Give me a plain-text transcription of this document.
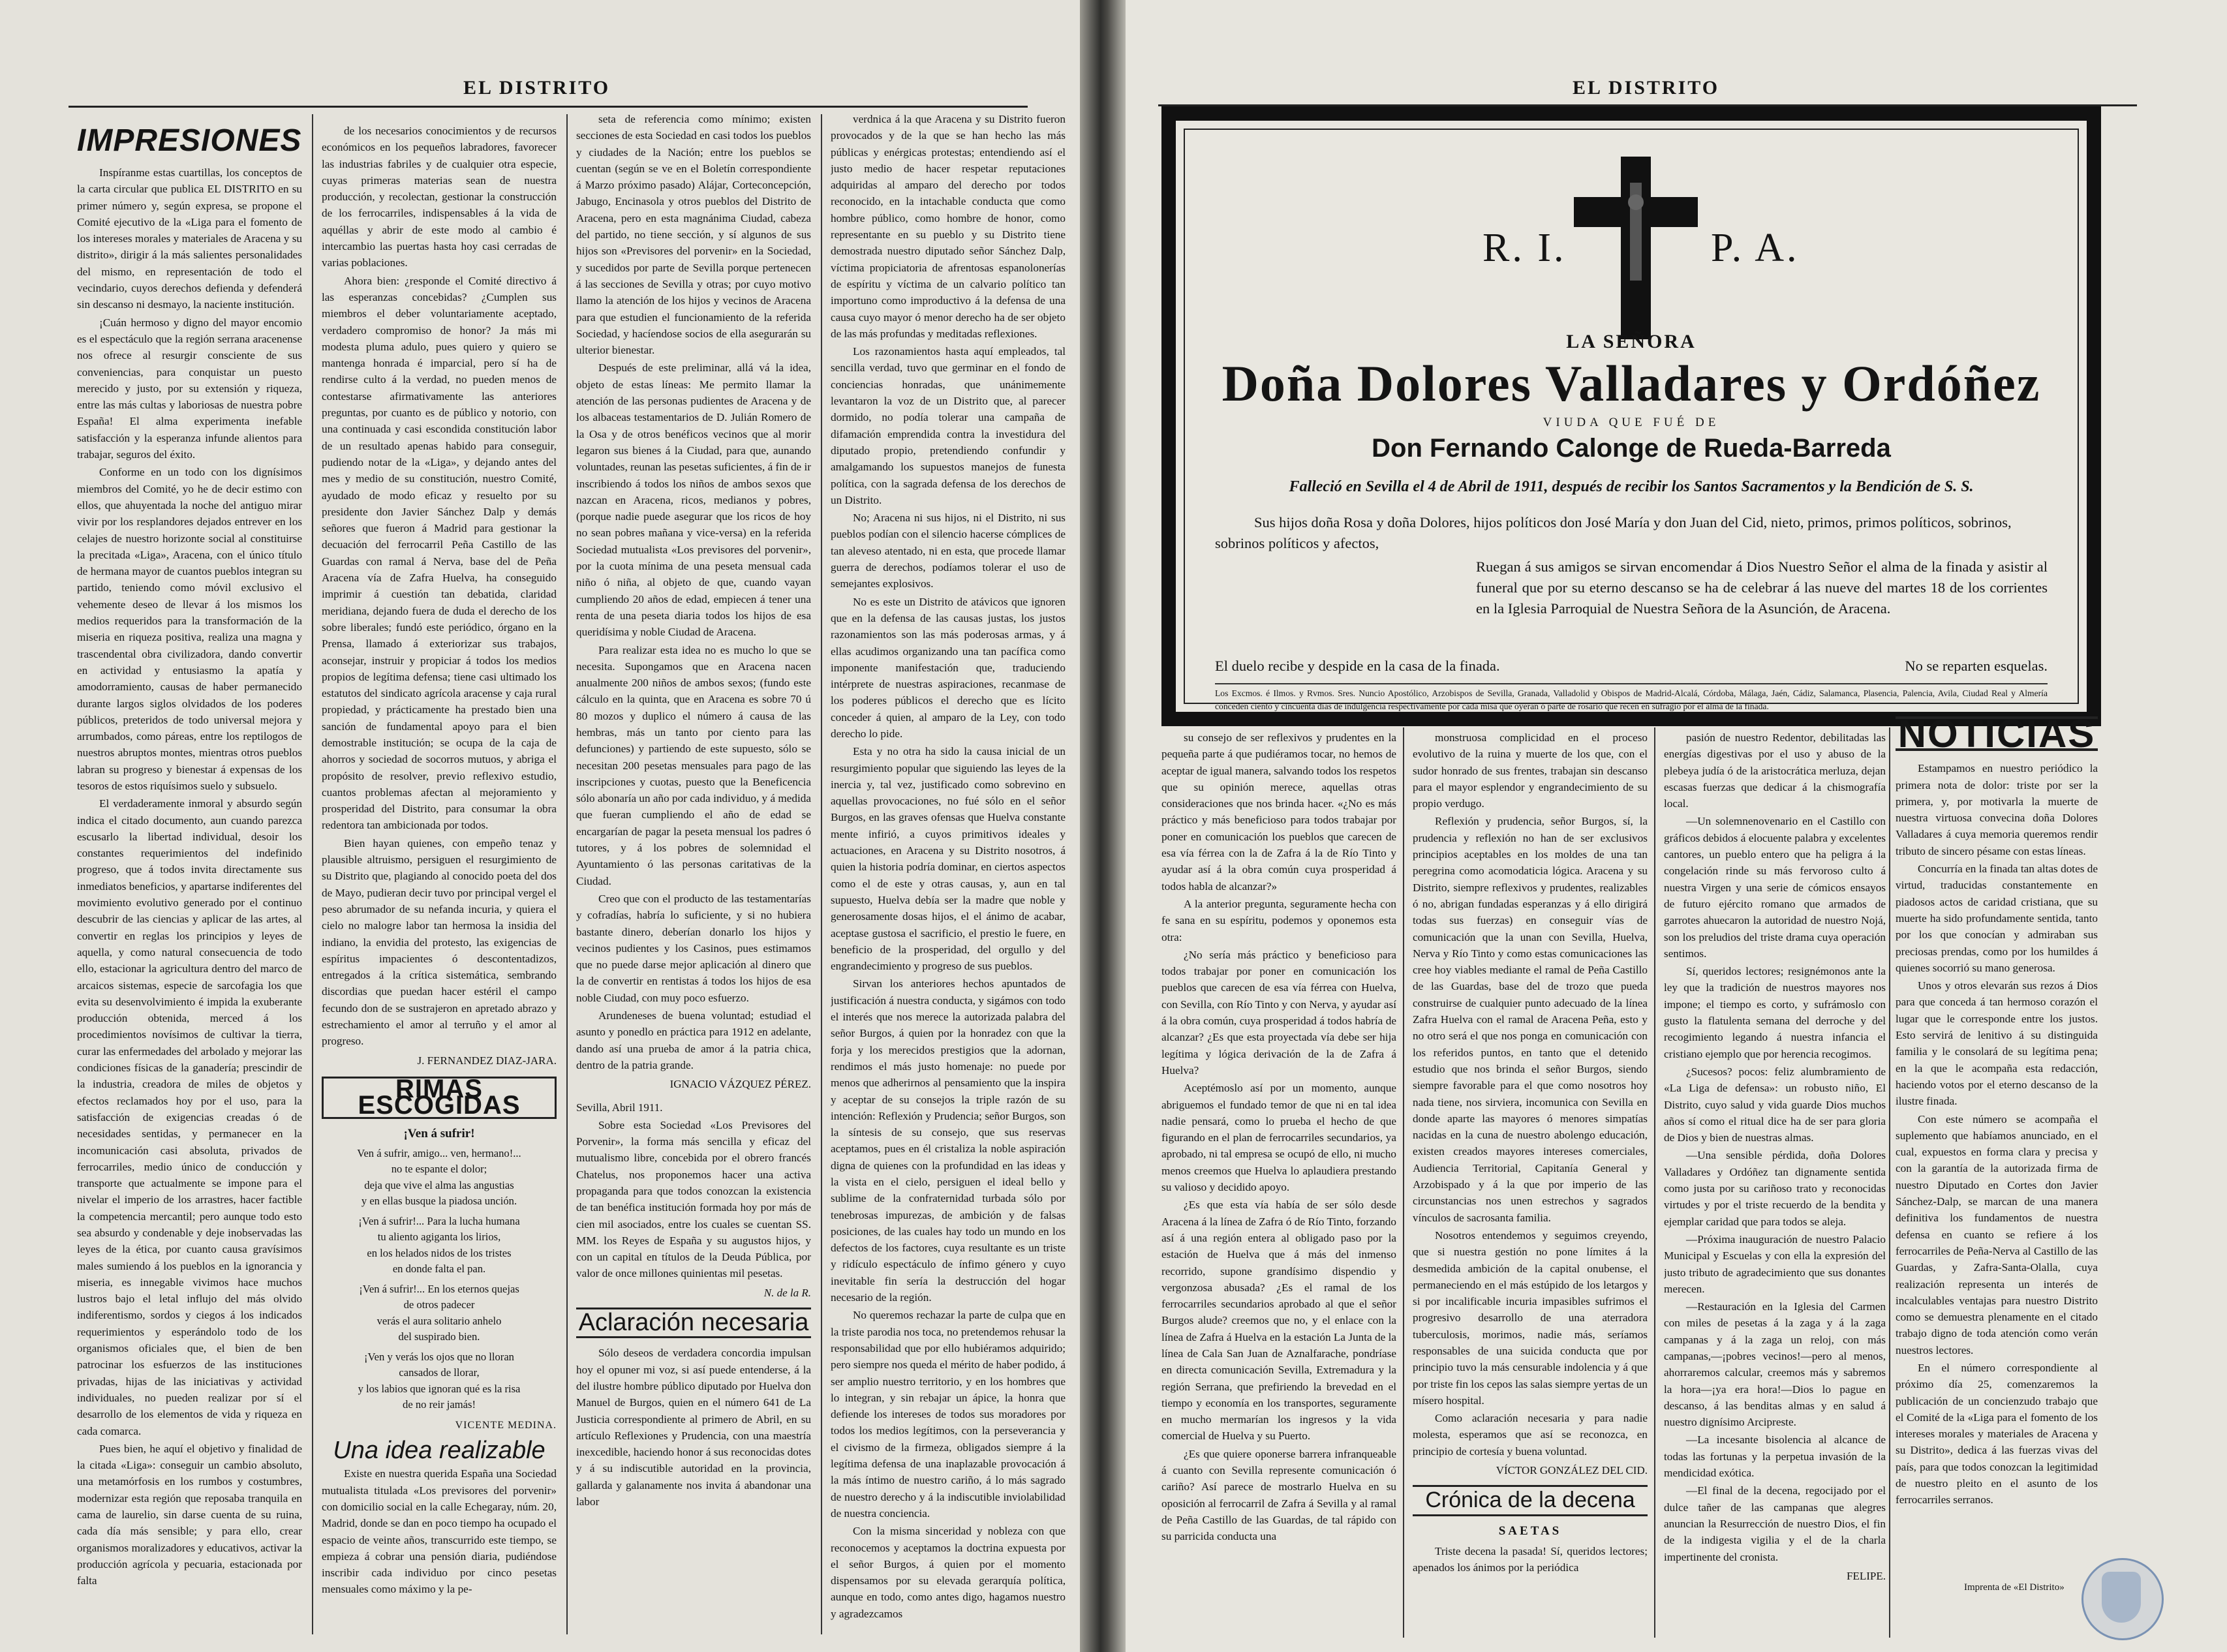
EL DISTRITO
IMPRESIONES

Inspíranme estas cuartillas, los conceptos de la carta circular que publica EL DISTRITO en su primer número y, según expresa, se propone el Comité ejecutivo de la «Liga para el fomento de los intereses morales y materiales de Aracena y su distrito», dirigir á la más salientes personalidades del mismo, en representación de todo el vecindario, cuyos derechos defienda y defenderá sin descanso ni desmayo, la naciente institución.

¡Cuán hermoso y digno del mayor encomio es el espectáculo que la región serrana aracenense nos ofrece al resurgir consciente de sus conveniencias, para conquistar un puesto merecido y justo, por su extensión y riqueza, entre las más cultas y laboriosas de nuestra pobre España! El alma experimenta inefable satisfacción y la esperanza infunde alientos para trabajar, seguros del éxito.

Conforme en un todo con los dignísimos miembros del Comité, yo he de decir estimo con ellos, que ahuyentada la noche del antiguo mirar vivir por los resplandores dejados entrever en los celajes de nuestro horizonte social al constituirse la precitada «Liga», Aracena, con el único título de hermana mayor de cuantos pueblos integran su partido, teniendo como móvil exclusivo el vehemente deseo de llevar á los mismos los medios requeridos para la transformación de la miseria en riqueza positiva, realiza una magna y trascendental obra civilizadora, dando convertir en actividad y entusiasmo la apatía y amodorramiento, causas de haber permanecido durante largos siglos olvidados de los poderes públicos, preteridos de todo universal mejora y arrumbados, como páreas, entre los reptilogos de nuestros abruptos montes, mientras otros pueblos labran su progreso y bienestar á expensas de los tesoros de estos riquísimos suelo y subsuelo.

El verdaderamente inmoral y absurdo según indica el citado documento, aun cuando parezca escusarlo la libertad individual, desoir los constantes requerimientos del indefinido progreso, que á todos invita directamente sus inmediatos beneficios, y apartarse indiferentes del movimiento evolutivo generado por el continuo descubrir de las ciencias y aplicar de las artes, al convertir en reglas los principios y leyes de aquella, y como natural consecuencia de todo ello, estacionar la agricultura dentro del marco de arcaicos sistemas, especie de sarcofagia los que evita su desenvolvimiento é impida la exuberante producción obtenida, merced á los procedimientos novísimos de cultivar la tierra, curar las enfermedades del arbolado y mejorar las condiciones físicas de la ganadería; prescindir de la industria, creadora de miles de objetos y efectos reclamados hoy por el uso, para la satisfacción de exigencias creadas ó de necesidades sentidas, y permanecer en la incomunicación casi absoluta, privados de ferrocarriles, medio único de conducción y transporte que actualmente se impone para el nivelar el imperio de los arrastres, hacer factible la competencia mercantil; pero aunque todo esto sea absurdo y condenable y deje inobservadas las leyes de la ética, por cuanto causa gravísimos males sumiendo á los pueblos en la ignorancia y miseria, es innegable vivimos hace muchos lustros bajo el letal influjo del más olvido indiferentismo, sordos y ciegos á los indicados requerimientos y esperándolo todo de los organismos oficiales que, el bien de ben patrocinar los esfuerzos de las instituciones privadas, hijas de las iniciativas y actividad individuales, no pueden realizar por sí el desarrollo de los elementos de vida y riqueza en cada comarca.

Pues bien, he aquí el objetivo y finalidad de la citada «Liga»: conseguir un cambio absoluto, una metamórfosis en los rumbos y costumbres, modernizar esta región que reposaba tranquila en cama de laurelio, sin darse cuenta de su ruina, cada día más sensible; y para ello, crear organismos moralizadores y educativos, activar la producción agrícola y pecuaria, estacionada por falta

de los necesarios conocimientos y de recursos económicos en los pequeños labradores, favorecer las industrias fabriles y de cualquier otra especie, cuyas primeras materias sean de nuestra producción, y recolectan, gestionar la construcción de los ferrocarriles, indispensables á la vida de aquéllas y abrir de este modo al cambio é intercambio las puertas hasta hoy casi cerradas de varias poblaciones.

Ahora bien: ¿responde el Comité directivo á las esperanzas concebidas? ¿Cumplen sus miembros el deber voluntariamente aceptado, verdadero compromiso de honor? Ja más mi modesta pluma adulo, pues quiero y quiero se mantenga honrada é imparcial, pero sí ha de rendirse culto á la verdad, no pueden menos de contestarse afirmativamente las anteriores preguntas, por cuanto es de público y notorio, con una continuada y casi escondida constitución labor de un resultado apenas habido para conseguir, pudiendo notar de la «Liga», y dejando antes del mes y medio de su constitución, nuestro Comité, ayudado de modo eficaz y resuelto por su presidente don Javier Sánchez Dalp y demás señores que fueron á Madrid para gestionar la decuación del ferrocarril Peña Castillo de las Guardas con ramal á Nerva, base del de Peña Aracena vía de Zafra Huelva, ha conseguido imprimir á cuestión tan debatida, claridad meridiana, dejando fuera de duda el derecho de los sobre liberales; fundó este periódico, órgano en la Prensa, llamado á exteriorizar sus trabajos, aconsejar, instruir y propiciar á todos los medios propios de legítima defensa; tiene casi ultimado los estatutos del sindicato agrícola aracense y caja rural propiedad, y prácticamente ha prestado bien una sanción de fundamental apoyo para el bien demostrable institución; se ocupa de la caja de ahorros y sociedad de socorros mutuos, y abriga el propósito de resolver, previo reflexivo estudio, cuantos problemas afectan al mejoramiento y prosperidad del Distrito, para consumar la obra redentora tan ambicionada por todos.

Bien hayan quienes, con empeño tenaz y plausible altruismo, persiguen el resurgimiento de su Distrito que, plagiando al conocido poeta del dos de Mayo, pudieran decir tuvo por principal vergel el peso abrumador de su nefanda incuria, y quiera el cielo no malogre labor tan hermosa la insidia del indiano, la envidia del protesto, las exigencias de espíritus impacientes ó descontentadizos, entregados á la crítica sistemática, sembrando discordias que puedan hacer estéril el campo fecundo don de se sustrajeron en apretado abrazo y estrechamiento el amor al terruño y el amor al progreso.

J. FERNANDEZ DIAZ-JARA.
RIMAS ESCOGIDAS
¡Ven á sufrir!
Ven á sufrir, amigo... ven, hermano!...
no te espante el dolor;
deja que vive el alma las angustias
y en ellas busque la piadosa unción.
¡Ven á sufrir!... Para la lucha humana
tu aliento agiganta los lirios,
en los helados nidos de los tristes
en donde falta el pan.
¡Ven á sufrir!... En los eternos quejas
de otros padecer
verás el aura solitario anhelo
del suspirado bien.
¡Ven y verás los ojos que no lloran
cansados de llorar,
y los labios que ignoran qué es la risa
de no reir jamás!
VICENTE MEDINA.
Una idea realizable

Existe en nuestra querida España una Sociedad mutualista titulada «Los previsores del porvenir» con domicilio social en la calle Echegaray, núm. 20, Madrid, donde se dan en poco tiempo ha ocupado el espacio de veinte años, transcurrido este tiempo, se empieza á cobrar una pensión diaria, pudiéndose inscribir cada individuo por cinco pesetas mensuales como máximo y la pe-

seta de referencia como mínimo; existen secciones de esta Sociedad en casi todos los pueblos y ciudades de la Nación; entre los pueblos se cuentan (según se ve en el Boletín correspondiente á Marzo próximo pasado) Alájar, Corteconcepción, Jabugo, Encinasola y otros pueblos del Distrito de Aracena, pero en esta magnánima Ciudad, cabeza del partido, no tiene sección, y sí algunos de sus hijos son «Previsores del porvenir» en la Sociedad, y sucedidos por parte de Sevilla porque pertenecen á las secciones de Sevilla y otras; por cuyo motivo llamo la atención de los hijos y vecinos de Aracena para que estudien el funcionamiento de la referida Sociedad, y hacíendose socios de ella asegurarán su ulterior bienestar.

Después de este preliminar, allá vá la idea, objeto de estas líneas: Me permito llamar la atención de las personas pudientes de Aracena y de los albaceas testamentarios de D. Julián Romero de la Osa y de otros benéficos vecinos que al morir legaron sus bienes á la Ciudad, para que, aunando voluntades, reunan las pesetas suficientes, á fin de ir inscribiendo á todos los niños de ambos sexos que nazcan en Aracena, ricos, medianos y pobres, (porque nadie puede asegurar que los ricos de hoy no sean pobres mañana y vice-versa) en la referida Sociedad mutualista «Los previsores del porvenir», por la cuota mínima de una peseta mensual cada niño ó niña, al objeto de que, cuando vayan cumpliendo 20 años de edad, empiecen á tener una renta de una peseta diaria todos los hijos de esa queridísima y noble Ciudad de Aracena.

Para realizar esta idea no es mucho lo que se necesita. Supongamos que en Aracena nacen anualmente 200 niños de ambos sexos; (fundo este cálculo en la quinta, que en Aracena es sobre 70 ú 80 mozos y duplico el número á causa de las hembras, más un tanto por ciento para las defunciones) y partiendo de este supuesto, sólo se necesitan 200 pesetas mensuales para pago de las inscripciones y cuotas, puesto que la Beneficencia sólo abonaría un año por cada individuo, y á medida que fueran cumpliendo el año de edad se encargarían de pagar la peseta mensual los padres ó tutores, y á los pobres de solemnidad el Ayuntamiento ó las personas caritativas de la Ciudad.

Creo que con el producto de las testamentarías y cofradías, habría lo suficiente, y si no hubiera bastante dinero, deberían donarlo los hijos y vecinos pudientes y los Casinos, pues estimamos que no puede darse mejor aplicación al dinero que la de convertir en rentistas á todos los hijos de esa noble Ciudad, con muy poco esfuerzo.

Arundeneses de buena voluntad; estudiad el asunto y ponedlo en práctica para 1912 en adelante, dando así una prueba de amor á la patria chica, dentro de la patria grande.

IGNACIO VÁZQUEZ PÉREZ.
Sevilla, Abril 1911.

Sobre esta Sociedad «Los Previsores del Porvenir», la forma más sencilla y eficaz del mutualismo libre, concebida por el obrero francés Chatelus, nos proponemos hacer una activa propaganda para que todos conozcan la existencia de tan benéfica institución formada hoy por más de cien mil asociados, entre los cuales se cuentan SS. MM. los Reyes de España y su augustos hijos, y con un capital en títulos de la Deuda Pública, por valor de once millones quinientas mil pesetas.

N. de la R.
Aclaración necesaria

Sólo deseos de verdadera concordia impulsan hoy el opuner mi voz, si así puede entenderse, á la del ilustre hombre público diputado por Huelva don Manuel de Burgos, quien en el número 641 de La Justicia correspondiente al primero de Abril, en su artículo Reflexiones y Prudencia, con una maestría inexcedible, haciendo honor á sus reconocidas dotes y á su indiscutible autoridad en la provincia, gallarda y galanamente nos invita á abandonar una labor

verdnica á la que Aracena y su Distrito fueron provocados y de la que se han hecho las más públicas y enérgicas protestas; entendiendo así el justo medio de hacer respetar reputaciones adquiridas al amparo del derecho por todos reconocido, en la intachable conducta que como hombre público, como hombre de honor, como representante en su pueblo y su Distrito tiene demostrada nuestro diputado señor Sánchez Dalp, víctima propiciatoria de afrentosas espanolonerías de espíritu y víctima de un calvario político tan importuno como improductivo á la defensa de una causa cuyo mayor ó menor derecho ha de ser objeto de las más profundas y meditadas reflexiones.

Los razonamientos hasta aquí empleados, tal sencilla verdad, tuvo que germinar en el fondo de conciencias honradas, que unánimemente levantaron la voz de un Distrito que, al parecer dormido, no podía tolerar una campaña de difamación emprendida contra la investidura del diputado propio, pretendiendo confundir y amalgamando los supuestos manejos de funesta política, con la sagrada defensa de los derechos de un Distrito.

No; Aracena ni sus hijos, ni el Distrito, ni sus pueblos podían con el silencio hacerse cómplices de tan aleveso atentado, ni en esta, que procede llamar guerra de derechos, podíamos tolerar el uso de semejantes explosivos.

No es este un Distrito de atávicos que ignoren que en la defensa de las causas justas, los justos razonamientos son las más poderosas armas, y á ellas acudimos organizando una tan pacífica como imponente manifestación que, traduciendo intérprete de nuestras aspiraciones, recanmase de los poderes públicos el derecho que es lícito conceder á quien, al amparo de la Ley, con todo derecho lo pide.

Esta y no otra ha sido la causa inicial de un resurgimiento popular que siguiendo las leyes de la inercia y, tal vez, justificado como sobrevino en aquellas provocaciones, no fué sólo en el señor Burgos, en las graves ofensas que Huelva constante mente infirió, a cuyos primitivos ideales y actuaciones, en Aracena y su Distrito nosotros, á quien la historia podría dominar, en ciertos aspectos como el de este y otras causas, y, aun en tal supuesto, Huelva debía ser la madre que noble y generosamente dosas hijos, el el ánimo de acabar, aceptase gustosa el sacrificio, el prestio le fuere, en beneficio de la prosperidad, del orgullo y del engrandecimiento y progreso de sus pueblos.

Sirvan los anteriores hechos apuntados de justificación á nuestra conducta, y sigámos con todo el interés que nos merece la autorizada palabra del señor Burgos, á quien por la honradez con que la forja y los merecidos prestigios que la adornan, rendimos el más justo homenaje: no puede por menos que adherirnos al pensamiento que la inspira y aceptar de su consejos la triple razón de su intención: Reflexión y Prudencia; señor Burgos, son la síntesis de su consejo, que sus reservas aceptamos, pues en él cristaliza la noble aspiración digna de quienes con la profundidad en las ideas y la vista en el cielo, persiguen el ideal bello y sublime de la confraternidad turbada sólo por tenebrosas impurezas, de ambición y de falsas posiciones, de las cuales hay todo un mundo en los defectos de los factores, cuya resultante es un triste y ridículo espectáculo de ínfimo género y cuyo inevitable fin sería la destrucción del hogar necesario de la región.

No queremos rechazar la parte de culpa que en la triste parodia nos toca, no pretendemos rehusar la responsabilidad que por ello hubiéramos adquirido; pero siempre nos queda el mérito de haber podido, á ser amplio nuestro territorio, y en los hombres que lo integran, y sin rebajar un ápice, la honra que defiende los intereses de todos sus moradores por todos los medios legítimos, con la perseverancia y el civismo de la firmeza, obligados siempre á la legítima defensa de una inaplazable provocación á la más íntimo de nuestro cariño, á lo más sagrado de nuestro derecho y á la indiscutible inviolabilidad de nuestra conciencia.

Con la misma sinceridad y nobleza con que reconocemos y aceptamos la doctrina expuesta por el señor Burgos, á quien por el momento dispensamos por su elevada gerarquía política, aunque en todo, como antes digo, hagamos nuestro y agradezcamos

EL DISTRITO
R. I.	P. A.
LA SEÑORA
Doña Dolores Valladares y Ordóñez
VIUDA QUE FUÉ DE
Don Fernando Calonge de Rueda-Barreda
Falleció en Sevilla el 4 de Abril de 1911, después de recibir los Santos Sacramentos y la Bendición de S. S.
Sus hijos doña Rosa y doña Dolores, hijos políticos don José María y don Juan del Cid, nieto, primos, primos políticos, sobrinos, sobrinos políticos y afectos,
Ruegan á sus amigos se sirvan encomendar á Dios Nuestro Señor el alma de la finada y asistir al funeral que por su eterno descanso se ha de celebrar á las nueve del martes 18 de los corrientes en la Iglesia Parroquial de Nuestra Señora de la Asunción, de Aracena.
El duelo recibe y despide en la casa de la finada.	No se reparten esquelas.
Los Excmos. é Ilmos. y Rvmos. Sres. Nuncio Apostólico, Arzobispos de Sevilla, Granada, Valladolid y Obispos de Madrid-Alcalá, Córdoba, Málaga, Jaén, Cádiz, Salamanca, Plasencia, Palencia, Avila, Ciudad Real y Almería conceden ciento y cincuenta días de indulgencia respectivamente por cada misa que oyeran ó parte de rosario que recen en sufragio por el alma de la finada.

su consejo de ser reflexivos y prudentes en la pequeña parte á que pudiéramos tocar, no hemos de aceptar de igual manera, salvando todos los respetos que su opinión merece, aquellas otras consideraciones que nos brinda hacer. «¿No es más práctico y más beneficioso para todos trabajar por poner en comunicación los pueblos que carecen de esa vía férrea con la de Zafra á la de Río Tinto y ayudar así á la obra común cuya prosperidad á todos habla de alcanzar?»

A la anterior pregunta, seguramente hecha con fe sana en su espíritu, podemos y oponemos esta otra:

¿No sería más práctico y beneficioso para todos trabajar por poner en comunicación los pueblos que carecen de esa vía férrea con Huelva, con Sevilla, con Río Tinto y con Nerva, y ayudar así á la obra común, cuya prosperidad á todos habría de alcanzar? ¿Es que esta proyectada vía debe ser hija legítima y lógica derivación de la de Zafra á Huelva?

Aceptémoslo así por un momento, aunque abriguemos el fundado temor de que ni en tal idea nadie pensará, como lo prueba el hecho de que figurando en el plan de ferrocarriles secundarios, ya aprobado, ni tal empresa se ocupó de ello, ni mucho menos creemos que Huelva lo aplaudiera prestando su valioso y decidido apoyo.

¿Es que esta vía había de ser sólo desde Aracena á la línea de Zafra ó de Río Tinto, forzando así á una región entera al obligado paso por la estación de Huelva que á más del inmenso recorrido, supone grandísimo dispendio y vergonzosa abusada? ¿Es el ramal de los ferrocarriles secundarios aprobado al que el señor Burgos alude? creemos que no, y el enlace con la línea de Zafra á Huelva en la estación La Junta de la línea de Cala San Juan de Aznalfarache, pondríase en directa comunicación Sevilla, Extremadura y la región Serrana, que prefiriendo la brevedad en el tiempo y economía en los transportes, seguramente en mucho mermarían los ingresos y la vida comercial de Huelva y su Puerto.

¿Es que quiere oponerse barrera infranqueable á cuanto con Sevilla represente comunicación ó cariño? Así parece de mostrarlo Huelva en su oposición al ferrocarril de Zafra á Sevilla y al ramal de Peña Castillo de las Guardas, de tal rápido con su parricida conducta una

monstruosa complicidad en el proceso evolutivo de la ruina y muerte de los que, con el sudor honrado de sus frentes, trabajan sin descanso para el mayor esplendor y engrandecimiento de su propio verdugo.

Reflexión y prudencia, señor Burgos, sí, la prudencia y reflexión no han de ser exclusivos principios aceptables en los moldes de una tan peregrina como acomodaticia lógica. Aracena y su Distrito, siempre reflexivos y prudentes, realizables ó no, abrigan fundadas esperanzas y á ello dirigirá todas sus fuerzas) en conseguir vías de comunicación que la unan con Sevilla, Huelva, Nerva y Río Tinto y como estas comunicaciones las cree hoy viables mediante el ramal de Peña Castillo de las Guardas, base del de trozo que pueda construirse de cualquier punto adecuado de la línea Zafra Huelva con el ramal de Aracena Peña, esto y no otro será el que nos ponga en comunicación con los referidos puntos, en tanto que el detenido estudio que nos brinda el señor Burgos, siendo siempre favorable para el que como nosotros hoy nada tiene, nos sirviera, incomunica con Sevilla en donde aparte las mayores ó menores simpatías nacidas en la cuna de nuestro abolengo educación, existen creados mayores intereses comerciales, Audiencia Territorial, Capitanía General y Arzobispado y á la que por imperio de las circunstancias nos unen estrechos y sagrados vínculos de sacrosanta familia.

Nosotros entendemos y seguimos creyendo, que si nuestra gestión no pone límites á la desmedida ambición de la capital onubense, el permaneciendo en el más estúpido de los letargos y si por incalificable incuria impasibles sufrimos el progresivo desarrollo de una aterradora tuberculosis, morimos, nadie más, seríamos responsables de una suicida conducta que por principio tuvo la más censurable indolencia y á que por triste fin los cepos las salas siempre yertas de un mísero hospital.

Como aclaración necesaria y para nadie molesta, esperamos que así se reconozca, en principio de cortesía y buena voluntad.

VÍCTOR GONZÁLEZ DEL CID.
Crónica de la decena
SAETAS

Triste decena la pasada! Sí, queridos lectores; apenados los ánimos por la periódica

pasión de nuestro Redentor, debilitadas las energías digestivas por el uso y abuso de la plebeya judía ó de la aristocrática merluza, dejan escasas fuerzas que dedicar á la chismografía local.

—Un solemnenovenario en el Castillo con gráficos debidos á elocuente palabra y excelentes cantores, un pueblo entero que ha peligra á la congelación rinde su más fervoroso culto á nuestra Virgen y una serie de cómicos ensayos de futuro ejército romano que armados de garrotes ahuecaron la autoridad de nuestro Nojá, son los preludios del triste drama cuya operación sentimos.

Sí, queridos lectores; resignémonos ante la ley que la tradición de nuestros mayores nos impone; el tiempo es corto, y sufrámoslo con gusto la flatulenta semana del derroche y del recogimiento legando á nuestra infancia el cristiano ejemplo que por herencia recogimos.

¿Sucesos? pocos: feliz alumbramiento de «La Liga de defensa»: un robusto niño, El Distrito, cuyo salud y vida guarde Dios muchos años sí como el ritual dice ha de ser para gloria de Dios y bien de nuestras almas.

—Una sensible pérdida, doña Dolores Valladares y Ordóñez tan dignamente sentida como justa por su cariñoso trato y reconocidas virtudes y por el triste recuerdo de la bendita y ejemplar caridad que para todos se aleja.

—Próxima inauguración de nuestro Palacio Municipal y Escuelas y con ella la expresión del justo tributo de agradecimiento que sus donantes merecen.

—Restauración en la Iglesia del Carmen con miles de pesetas á la zaga y á la zaga campanas y á la zaga un reloj, con más campanas,—¡pobres vecinos!—pero al menos, ahorraremos calcular, creemos más y sabremos la hora—¡ya era hora!—Dios lo pague en descanso, á las benditas almas y en salud á nuestro dignísimo Arcipreste.

—La incesante bisolencia al alcance de todas las fortunas y la perpetua invasión de la mendicidad exótica.

—El final de la decena, regocijado por el dulce tañer de las campanas que alegres anuncian la Resurrección de nuestro Dios, el fin de la indigesta vigilia y el de la charla impertinente del cronista.

FELIPE.
NOTICIAS

Estampamos en nuestro periódico la primera nota de dolor: triste por ser la primera, y, por motivarla la muerte de nuestra virtuosa convecina doña Dolores Valladares á cuya memoria queremos rendir tributo de sincero pésame con estas líneas.

Concurría en la finada tan altas dotes de virtud, traducidas constantemente en piadosos actos de caridad cristiana, que su muerte ha sido profundamente sentida, tanto por los que conocían y admiraban sus preciosas prendas, como por los humildes á quienes socorrió su mano generosa.

Unos y otros elevarán sus rezos á Dios para que conceda á tan hermoso corazón el lugar que le corresponde entre los justos. Esto servirá de lenitivo á su distinguida familia y le consolará de su legítima pena; en la que le acompaña esta redacción, haciendo votos por el eterno descanso de la ilustre finada.

Con este número se acompaña el suplemento que habíamos anunciado, en el cual, expuestos en forma clara y precisa y con la garantía de la autorizada firma de nuestro Diputado en Cortes don Javier Sánchez-Dalp, se marcan de una manera definitiva los fundamentos de nuestra defensa en cuanto se refiere á los ferrocarriles de Peña-Nerva al Castillo de las Guardas, y Zafra-Santa-Olalla, cuya realización representa un interés de incalculables ventajas para nuestro Distrito como se demuestra plenamente en el citado trabajo digno de toda atención como verán nuestros lectores.

En el número correspondiente al próximo día 25, comenzaremos la publicación de un concienzudo trabajo que el Comité de la «Liga para el fomento de los intereses morales y materiales de Aracena y su Distrito», dedica á las fuerzas vivas del país, para que todos conozcan la legitimidad de nuestro pleito en el asunto de los ferrocarriles serranos.

Imprenta de «El Distrito»
